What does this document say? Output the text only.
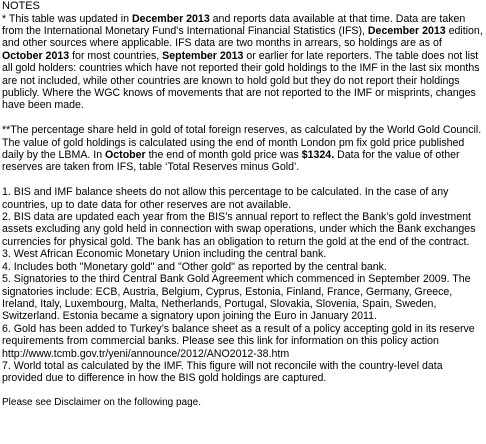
NOTES

* This table was updated in December 2013 and reports data available at that time. Data are taken from the International Monetary Fund's International Financial Statistics (IFS), December 2013 edition, and other sources where applicable. IFS data are two months in arrears, so holdings are as of October 2013 for most countries, September 2013 or earlier for late reporters. The table does not list all gold holders: countries which have not reported their gold holdings to the IMF in the last six months are not included, while other countries are known to hold gold but they do not report their holdings publicly. Where the WGC knows of movements that are not reported to the IMF or misprints, changes have been made.

**The percentage share held in gold of total foreign reserves, as calculated by the World Gold Council. The value of gold holdings is calculated using the end of month London pm fix gold price published daily by the LBMA. In October the end of month gold price was $1324. Data for the value of other reserves are taken from IFS, table ‘Total Reserves minus Gold’.

1. BIS and IMF balance sheets do not allow this percentage to be calculated. In the case of any countries, up to date data for other reserves are not available.

2. BIS data are updated each year from the BIS’s annual report to reflect the Bank’s gold investment assets excluding any gold held in connection with swap operations, under which the Bank exchanges currencies for physical gold. The bank has an obligation to return the gold at the end of the contract.

3. West African Economic Monetary Union including the central bank.

4. Includes both "Monetary gold" and "Other gold" as reported by the central bank.

5. Signatories to the third Central Bank Gold Agreement which commenced in September 2009. The signatories include: ECB, Austria, Belgium, Cyprus, Estonia, Finland, France, Germany, Greece, Ireland, Italy, Luxembourg, Malta, Netherlands, Portugal, Slovakia, Slovenia, Spain, Sweden, Switzerland. Estonia became a signatory upon joining the Euro in January 2011.

6. Gold has been added to Turkey’s balance sheet as a result of a policy accepting gold in its reserve requirements from commercial banks. Please see this link for information on this policy action http://www.tcmb.gov.tr/yeni/announce/2012/ANO2012-38.htm

7. World total as calculated by the IMF. This figure will not reconcile with the country-level data provided due to difference in how the BIS gold holdings are captured.

Please see Disclaimer on the following page.
